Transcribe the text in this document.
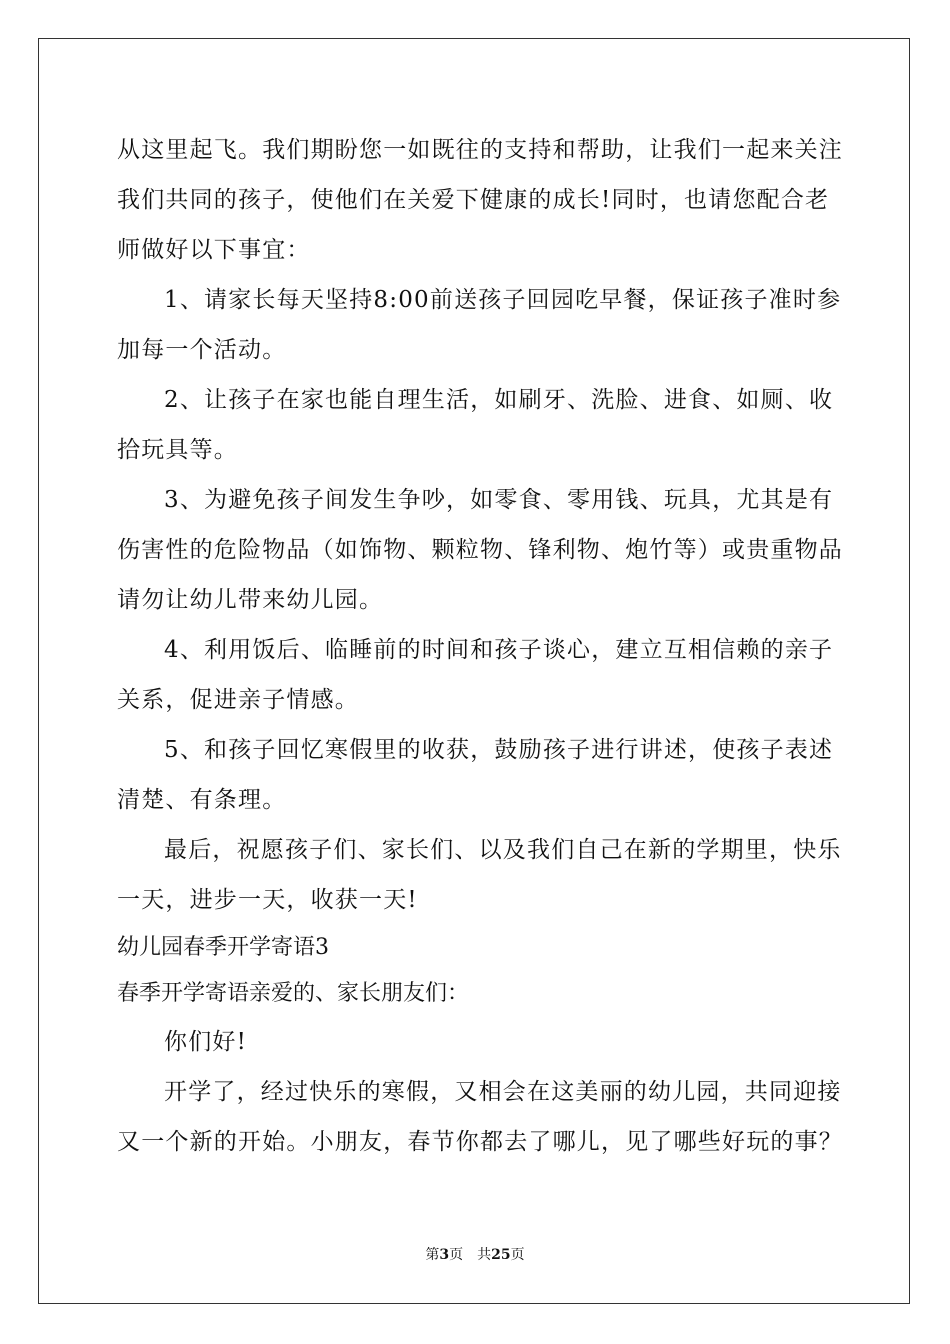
从这里起飞。我们期盼您一如既往的支持和帮助，让我们一起来关注
我们共同的孩子，使他们在关爱下健康的成长!同时，也请您配合老
师做好以下事宜：
1、请家长每天坚持8:00前送孩子回园吃早餐，保证孩子准时参
加每一个活动。
2、让孩子在家也能自理生活，如刷牙、洗脸、进食、如厕、收
拾玩具等。
3、为避免孩子间发生争吵，如零食、零用钱、玩具，尤其是有
伤害性的危险物品（如饰物、颗粒物、锋利物、炮竹等）或贵重物品
请勿让幼儿带来幼儿园。
4、利用饭后、临睡前的时间和孩子谈心，建立互相信赖的亲子
关系，促进亲子情感。
5、和孩子回忆寒假里的收获，鼓励孩子进行讲述，使孩子表述
清楚、有条理。
最后，祝愿孩子们、家长们、以及我们自己在新的学期里，快乐
一天，进步一天，收获一天!
幼儿园春季开学寄语3
春季开学寄语亲爱的、家长朋友们：
你们好!
开学了，经过快乐的寒假，又相会在这美丽的幼儿园，共同迎接
又一个新的开始。小朋友，春节你都去了哪儿，见了哪些好玩的事？
第3页　共25页
